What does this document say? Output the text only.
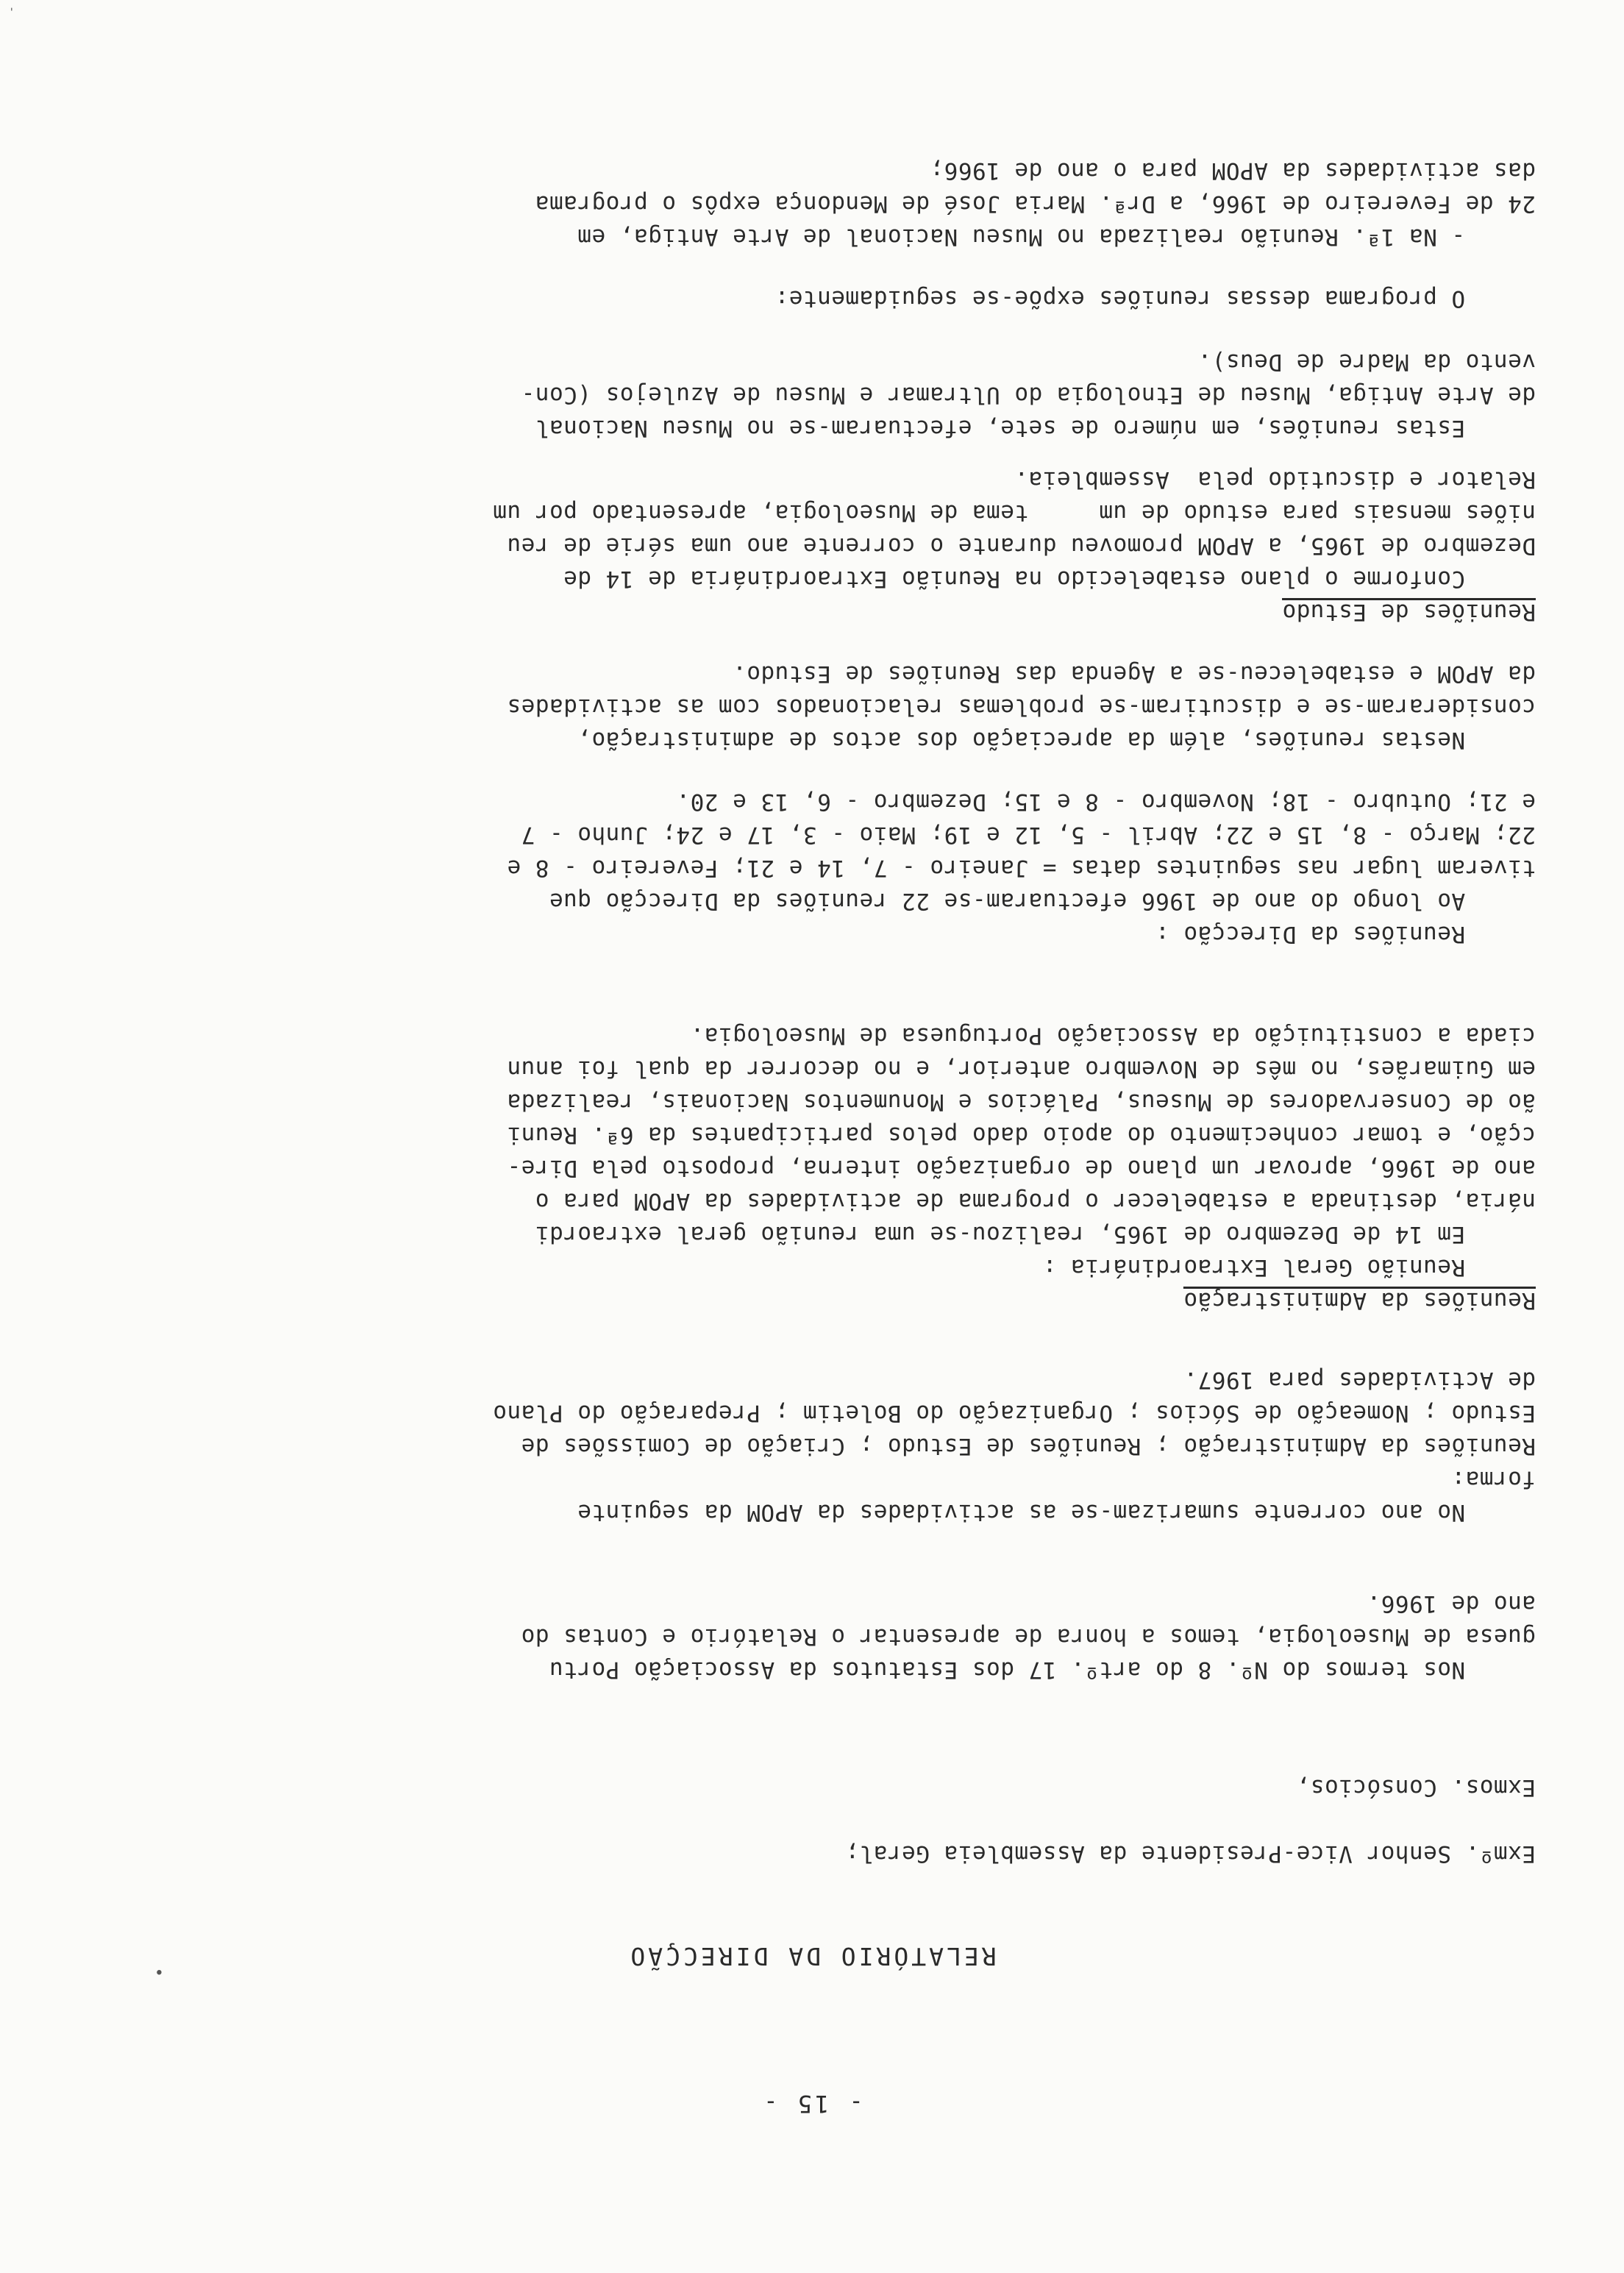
- 15 -
RELATÓRIO DA DIRECÇÃO
•
'
Exmº. Senhor Vice-Presidente da Assembleia Geral;

Exmos. Consócios,
Nos termos do Nº. 8 do artº. 17 dos Estatutos da Associação Portu
guesa de Museologia, temos a honra de apresentar o Relatório e Contas do
ano de 1966.
No ano corrente sumarizam-se as actividades da APOM da seguinte
forma:
Reuniões da Administração ; Reuniões de Estudo ; Criação de Comissões de
Estudo ; Nomeação de Sócios ; Organização do Boletim ; Preparação do Plano
de Actividades para 1967.
Reuniões da Administração
Reunião Geral Extraordinária :
Em 14 de Dezembro de 1965, realizou-se uma reunião geral extraordi
nária, destinada a estabelecer o programa de actividades da APOM para o
ano de 1966, aprovar um plano de organização interna, proposto pela Dire-
cção, e tomar conhecimento do apoio dado pelos participantes da 6ª. Reuni
ão de Conservadores de Museus, Palácios e Monumentos Nacionais, realizada
em Guimarães, no mês de Novembro anterior, e no decorrer da qual foi anun
ciada a constituição da Associação Portuguesa de Museologia.
Reuniões da Direcção :
Ao longo do ano de 1966 efectuaram-se 22 reuniões da Direcção que
tiveram lugar nas seguintes datas = Janeiro - 7, 14 e 21; Fevereiro - 8 e
22; Março - 8, 15 e 22; Abril - 5, 12 e 19; Maio - 3, 17 e 24; Junho - 7
e 21; Outubro - 18; Novembro - 8 e 15; Dezembro - 6, 13 e 20.
Nestas reuniões, além da apreciação dos actos de administração,
consideraram-se e discutiram-se problemas relacionados com as actividades
da APOM e estabeleceu-se a Agenda das Reuniões de Estudo.
Reuniões de Estudo
Conforme o plano estabelecido na Reunião Extraordinária de 14 de
Dezembro de 1965, a APOM promoveu durante o corrente ano uma série de reu
niões mensais para estudo de um     tema de Museologia, apresentado por um
Relator e discutido pela  Assembleia.
Estas reuniões, em número de sete, efectuaram-se no Museu Nacional
de Arte Antiga, Museu de Etnologia do Ultramar e Museu de Azulejos (Con-
vento da Madre de Deus).
O programa dessas reuniões expõe-se seguidamente:
- Na 1ª. Reunião realizada no Museu Nacional de Arte Antiga, em
24 de Fevereiro de 1966, a Drª. Maria José de Mendonça expôs o programa
das actividades da APOM para o ano de 1966;
